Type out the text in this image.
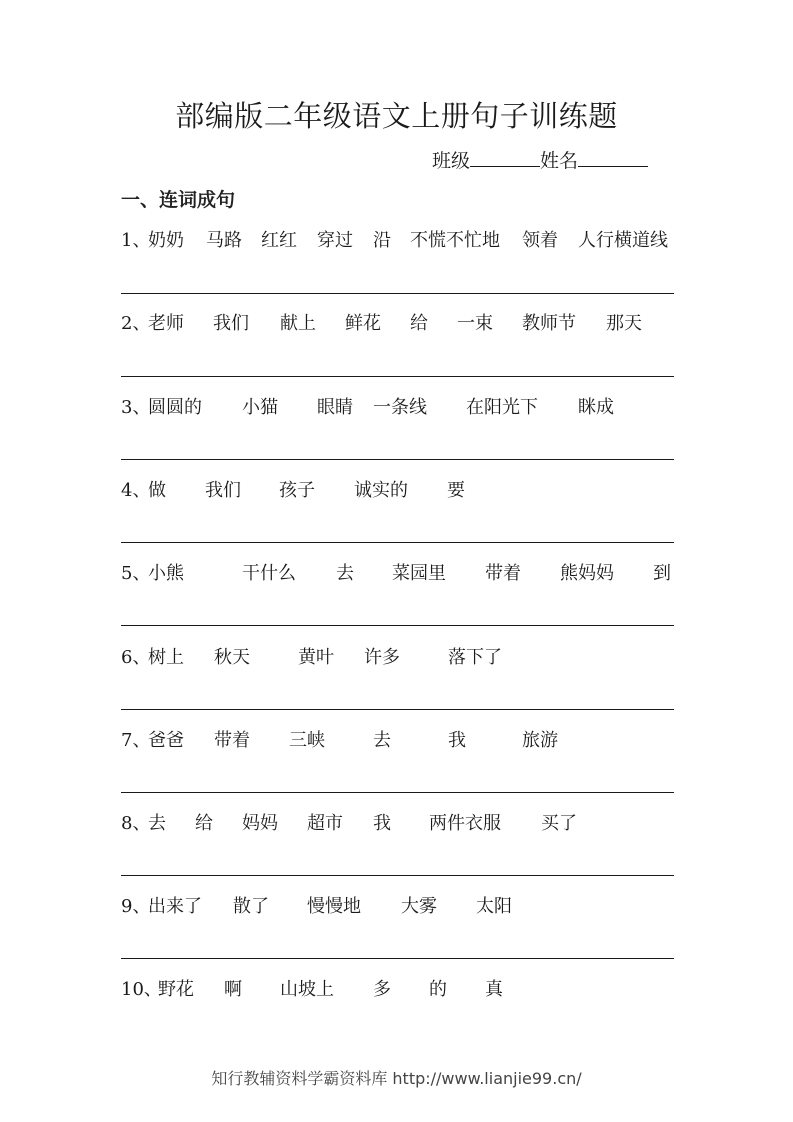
部编版二年级语文上册句子训练题
班级	姓名
一、连词成句
1、
奶奶 马路 红红 穿过 沿 不慌不忙地 领着 人行横道线
2、
老师 我们 献上 鲜花 给 一束 教师节 那天
3、
圆圆的 小猫 眼睛 一条线 在阳光下 眯成
4、
做 我们 孩子 诚实的 要
5、
小熊	干什么 去 菜园里 带着 熊妈妈 到
6、
树上 秋天	黄叶 许多	落下了
7、
爸爸 带着 三峡	去	我	旅游
8、
去 给 妈妈 超市 我 两件衣服 买了
9、
出来了 散了 慢慢地 大雾 太阳
10、
野花 啊 山坡上 多 的 真
知行教辅资料学霸资料库 http://www.lianjie99.cn/
